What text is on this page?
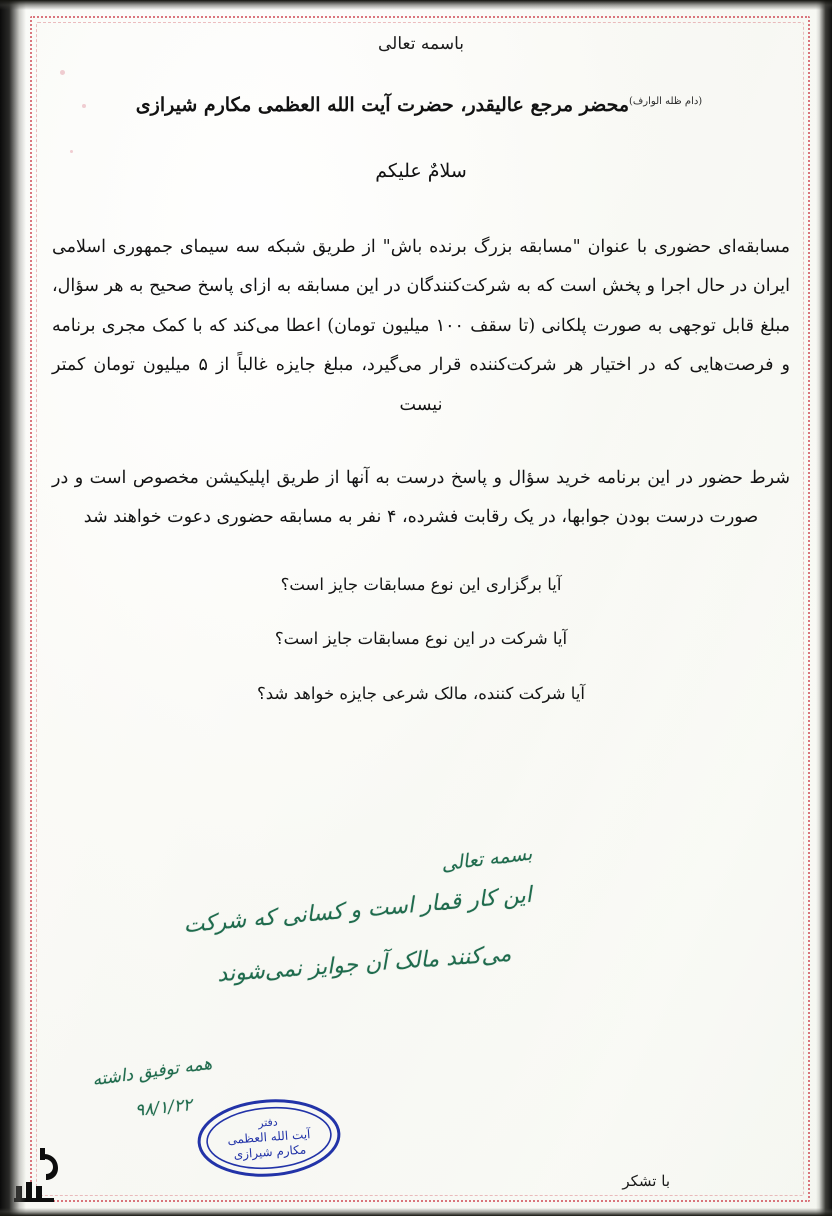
باسمه تعالی
$^{(دام ظله الوارف)}$محضر مرجع عالیقدر، حضرت آیت الله العظمی مکارم شیرازی
سلامٌ علیکم
مسابقه‌ای حضوری با عنوان "مسابقه بزرگ برنده باش" از طریق شبکه سه سیمای جمهوری اسلامی ایران در حال اجرا و پخش است که به شرکت‌کنندگان در این مسابقه به ازای پاسخ صحیح به هر سؤال، مبلغ قابل توجهی به صورت پلکانی (تا سقف ۱۰۰ میلیون تومان) اعطا می‌کند که با کمک مجری برنامه و فرصت‌هایی که در اختیار هر شرکت‌کننده قرار می‌گیرد، مبلغ جایزه غالباً از ۵ میلیون تومان کمتر نیست
شرط حضور در این برنامه خرید سؤال و پاسخ درست به آنها از طریق اپلیکیشن مخصوص است و در صورت درست بودن جوابها، در یک رقابت فشرده، ۴ نفر به مسابقه حضوری دعوت خواهند شد
آیا برگزاری این نوع مسابقات جایز است؟
آیا شرکت در این نوع مسابقات جایز است؟
آیا شرکت کننده، مالک شرعی جایزه خواهد شد؟
با تشکر
بسمه تعالی
این کار قمار است و کسانی که شرکت
می‌کنند مالک آن جوایز نمی‌شوند
همه توفیق داشته
۹۸/۱/۲۲
دفتر
آیت الله العظمی
مکارم شیرازی
